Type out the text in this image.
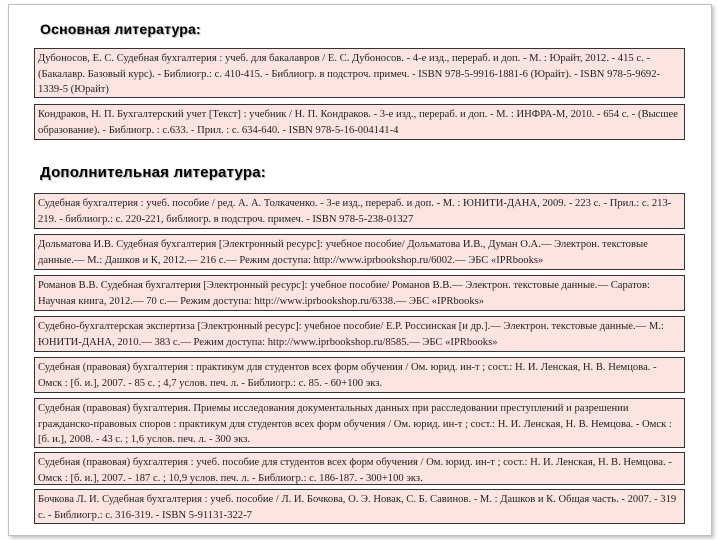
Основная литература:
Дубоносов, Е. С. Судебная бухгалтерия : учеб. для бакалавров / Е. С. Дубоносов. - 4-е изд., перераб. и доп. - М. : Юрайт, 2012. - 415 с. - (Бакалавр. Базовый курс). - Библиогр.: с. 410-415. - Библиогр. в подстроч. примеч. - ISBN 978-5-9916-1881-6 (Юрайт). - ISBN 978-5-9692-1339-5 (Юрайт)
Кондраков, Н. П. Бухгалтерский учет [Текст] : учебник / Н. П. Кондраков. - 3-е изд., перераб. и доп. - М. : ИНФРА-М, 2010. - 654 с. - (Высшее образование). - Библиогр. : с.633. - Прил. : с. 634-640. - ISBN 978-5-16-004141-4
Дополнительная литература:
Судебная бухгалтерия : учеб. пособие / ред. А. А. Толкаченко. - 3-е изд., перераб. и доп. - М. : ЮНИТИ-ДАНА, 2009. - 223 с. - Прил.: с. 213-219. - библиогр.: с. 220-221, библиогр. в подстроч. примеч. - ISBN 978-5-238-01327
Дольматова И.В. Судебная бухгалтерия [Электронный ресурс]: учебное пособие/ Дольматова И.В., Думан О.А.— Электрон. текстовые данные.— М.: Дашков и К, 2012.— 216 c.— Режим доступа: http://www.iprbookshop.ru/6002.— ЭБС «IPRbooks»
Романов В.В. Судебная бухгалтерия [Электронный ресурс]: учебное пособие/ Романов В.В.— Электрон. текстовые данные.— Саратов: Научная книга, 2012.— 70 c.— Режим доступа: http://www.iprbookshop.ru/6338.— ЭБС «IPRbooks»
Судебно-бухгалтерская экспертиза [Электронный ресурс]: учебное пособие/ Е.Р. Россинская [и др.].— Электрон. текстовые данные.— М.: ЮНИТИ-ДАНА, 2010.— 383 c.— Режим доступа: http://www.iprbookshop.ru/8585.— ЭБС «IPRbooks»
Судебная (правовая) бухгалтерия : практикум для студентов всех форм обучения / Ом. юрид. ин-т ; сост.: Н. И. Ленская, Н. В. Немцова. - Омск : [б. и.], 2007. - 85 с. ; 4,7 услов. печ. л. - Библиогр.: с. 85. - 60+100 экз.
Судебная (правовая) бухгалтерия. Приемы исследования документальных данных при расследовании преступлений и разрешении гражданско-правовых споров : практикум для студентов всех форм обучения / Ом. юрид. ин-т ; сост.: Н. И. Ленская, Н. В. Немцова. - Омск : [б. и.], 2008. - 43 с. ; 1,6 услов. печ. л. - 300 экз.
Судебная (правовая) бухгалтерия : учеб. пособие для студентов всех форм обучения / Ом. юрид. ин-т ; сост.: Н. И. Ленская, Н. В. Немцова. - Омск : [б. и.], 2007. - 187 с. ; 10,9 услов. печ. л. - Библиогр.: с. 186-187. - 300+100 экз.
Бочкова Л. И. Судебная бухгалтерия : учеб. пособие / Л. И. Бочкова, О. Э. Новак, С. Б. Савинов. - М. : Дашков и К. Общая часть. - 2007. - 319 с. - Библиогр.: с. 316-319. - ISBN 5-91131-322-7
